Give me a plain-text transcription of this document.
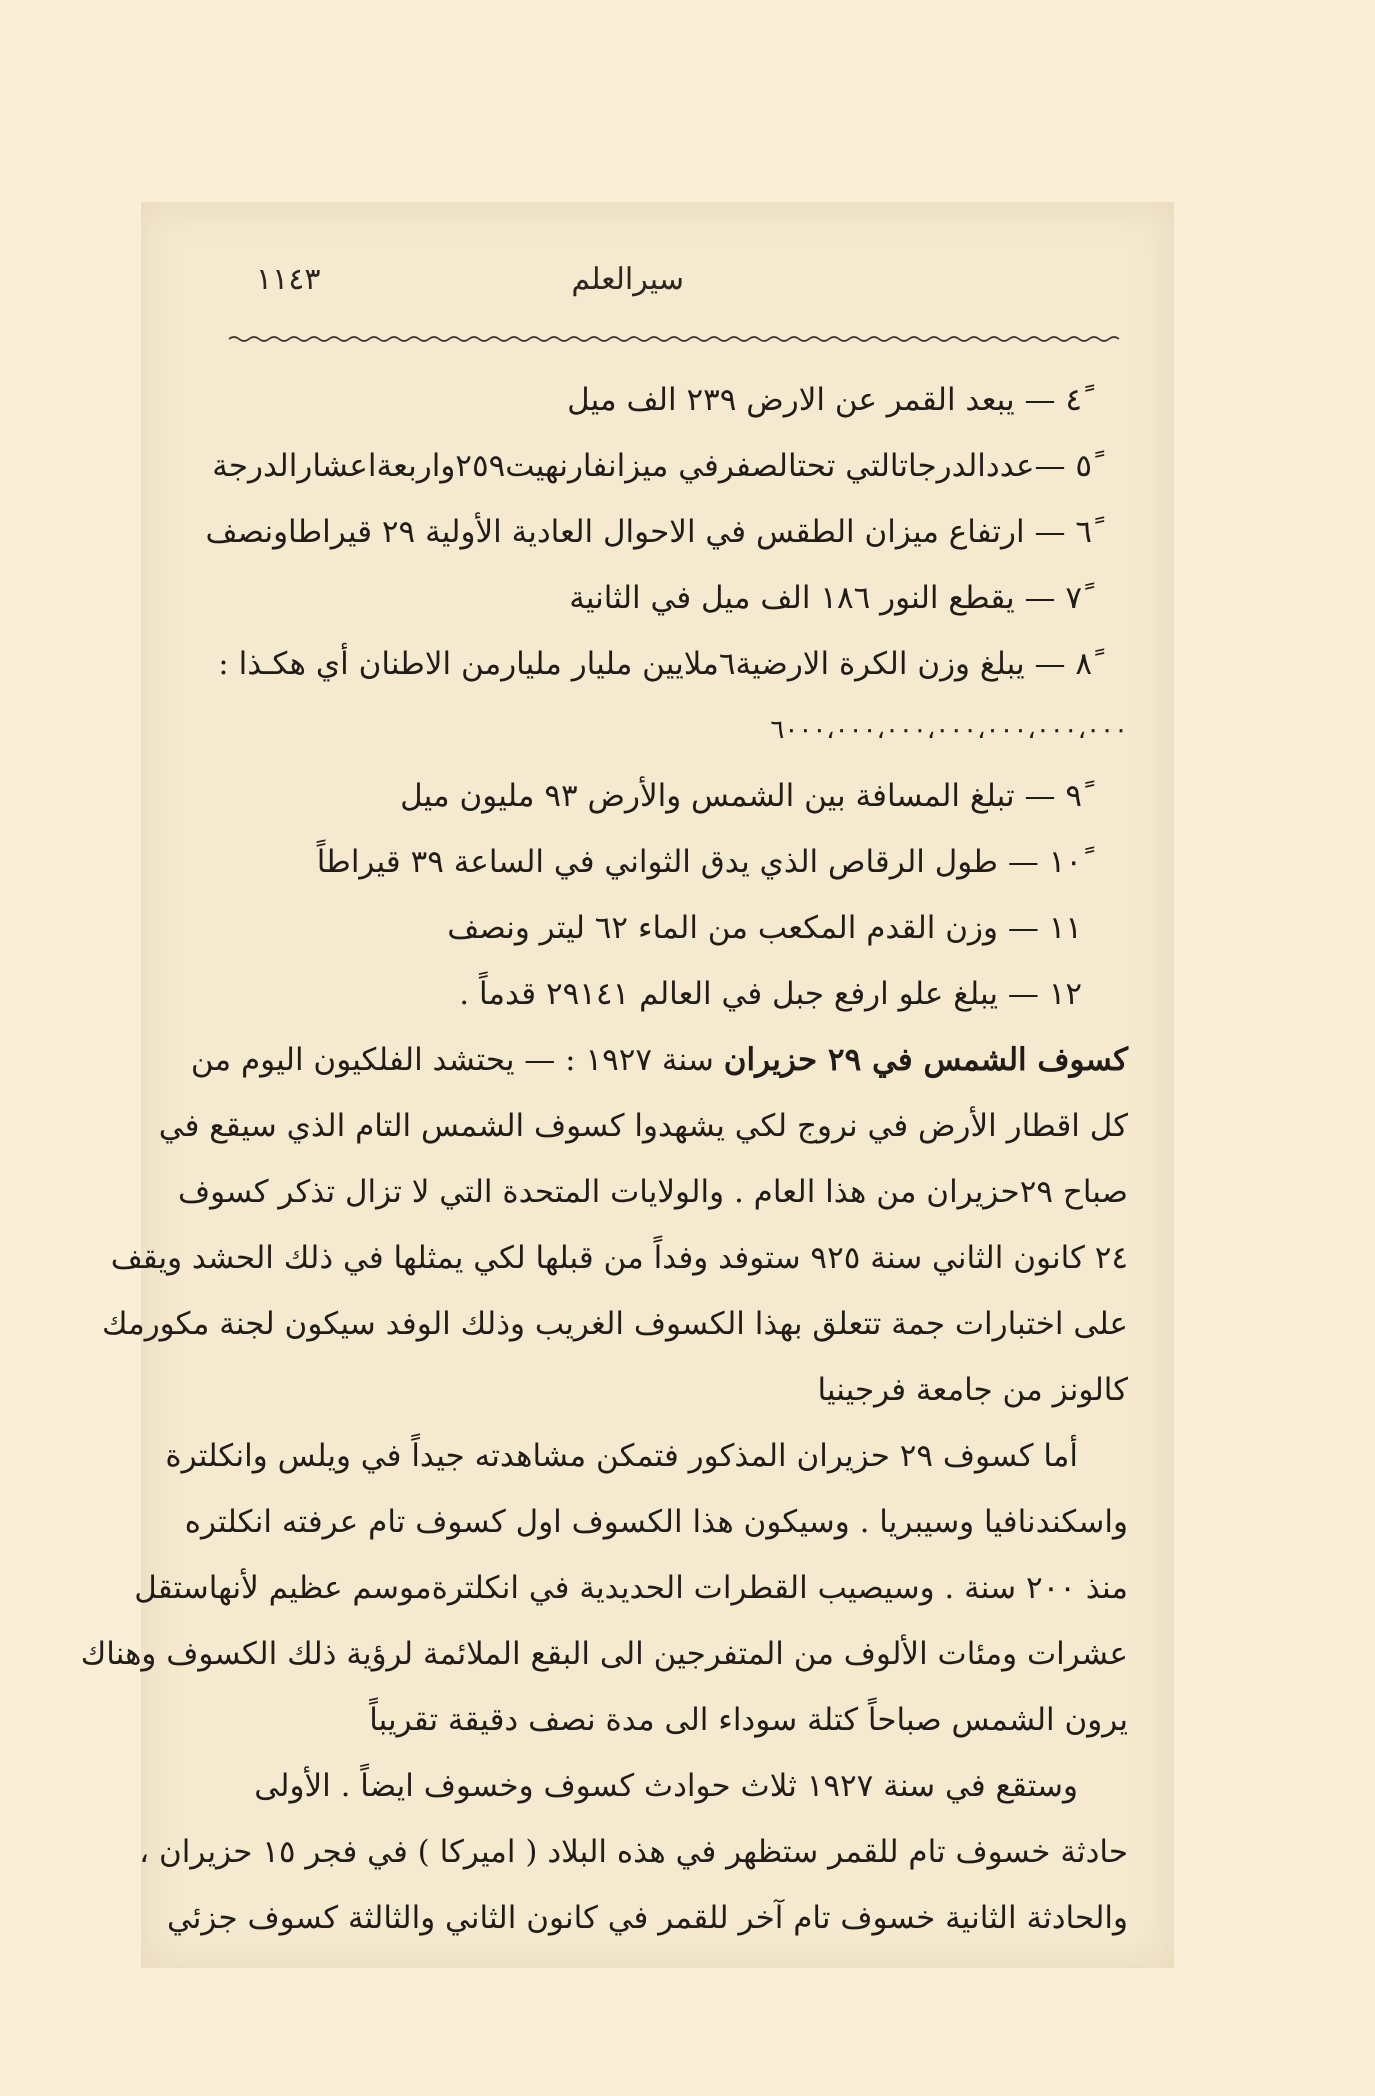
سيرالعلم
١١٤٣
٤ً — يبعد القمر عن الارض ٢٣٩ الف ميل
٥ً —عددالدرجاتالتي تحتالصفرفي ميزانفارنهيت٢٥٩واربعةاعشارالدرجة
٦ً — ارتفاع ميزان الطقس في الاحوال العادية الأولية ٢٩ قيراطاونصف
٧ً — يقطع النور ١٨٦ الف ميل في الثانية
٨ً — يبلغ وزن الكرة الارضية٦ملايين مليار مليارمن الاطنان أي هكـذا :
٦٠٠٠،٠٠٠،٠٠٠،٠٠٠،٠٠٠،٠٠٠،٠٠٠
٩ً — تبلغ المسافة بين الشمس والأرض ٩٣ مليون ميل
١٠ً — طول الرقاص الذي يدق الثواني في الساعة ٣٩ قيراطاً
١١ — وزن القدم المكعب من الماء ٦٢ ليتر ونصف
١٢ — يبلغ علو ارفع جبل في العالم ٢٩١٤١ قدماً .
كسوف الشمس في ٢٩ حزيران سنة ١٩٢٧ : — يحتشد الفلكيون اليوم من
كل اقطار الأرض في نروج لكي يشهدوا كسوف الشمس التام الذي سيقع في
صباح ٢٩حزيران من هذا العام . والولايات المتحدة التي لا تزال تذكر كسوف
٢٤ كانون الثاني سنة ٩٢٥ ستوفد وفداً من قبلها لكي يمثلها في ذلك الحشد ويقف
على اختبارات جمة تتعلق بهذا الكسوف الغريب وذلك الوفد سيكون لجنة مكورمك
كالونز من جامعة فرجينيا
أما كسوف ٢٩ حزيران المذكور فتمكن مشاهدته جيداً في ويلس وانكلترة
واسكندنافيا وسيبريا . وسيكون هذا الكسوف اول كسوف تام عرفته انكلتره
منذ ٢٠٠ سنة . وسيصيب القطرات الحديدية في انكلترةموسم عظيم لأنهاستقل
عشرات ومئات الألوف من المتفرجين الى البقع الملائمة لرؤية ذلك الكسوف وهناك
يرون الشمس صباحاً كتلة سوداء الى مدة نصف دقيقة تقريباً
وستقع في سنة ١٩٢٧ ثلاث حوادث كسوف وخسوف ايضاً . الأولى
حادثة خسوف تام للقمر ستظهر في هذه البلاد ( اميركا ) في فجر ١٥ حزيران ،
والحادثة الثانية خسوف تام آخر للقمر في كانون الثاني والثالثة كسوف جزئي
